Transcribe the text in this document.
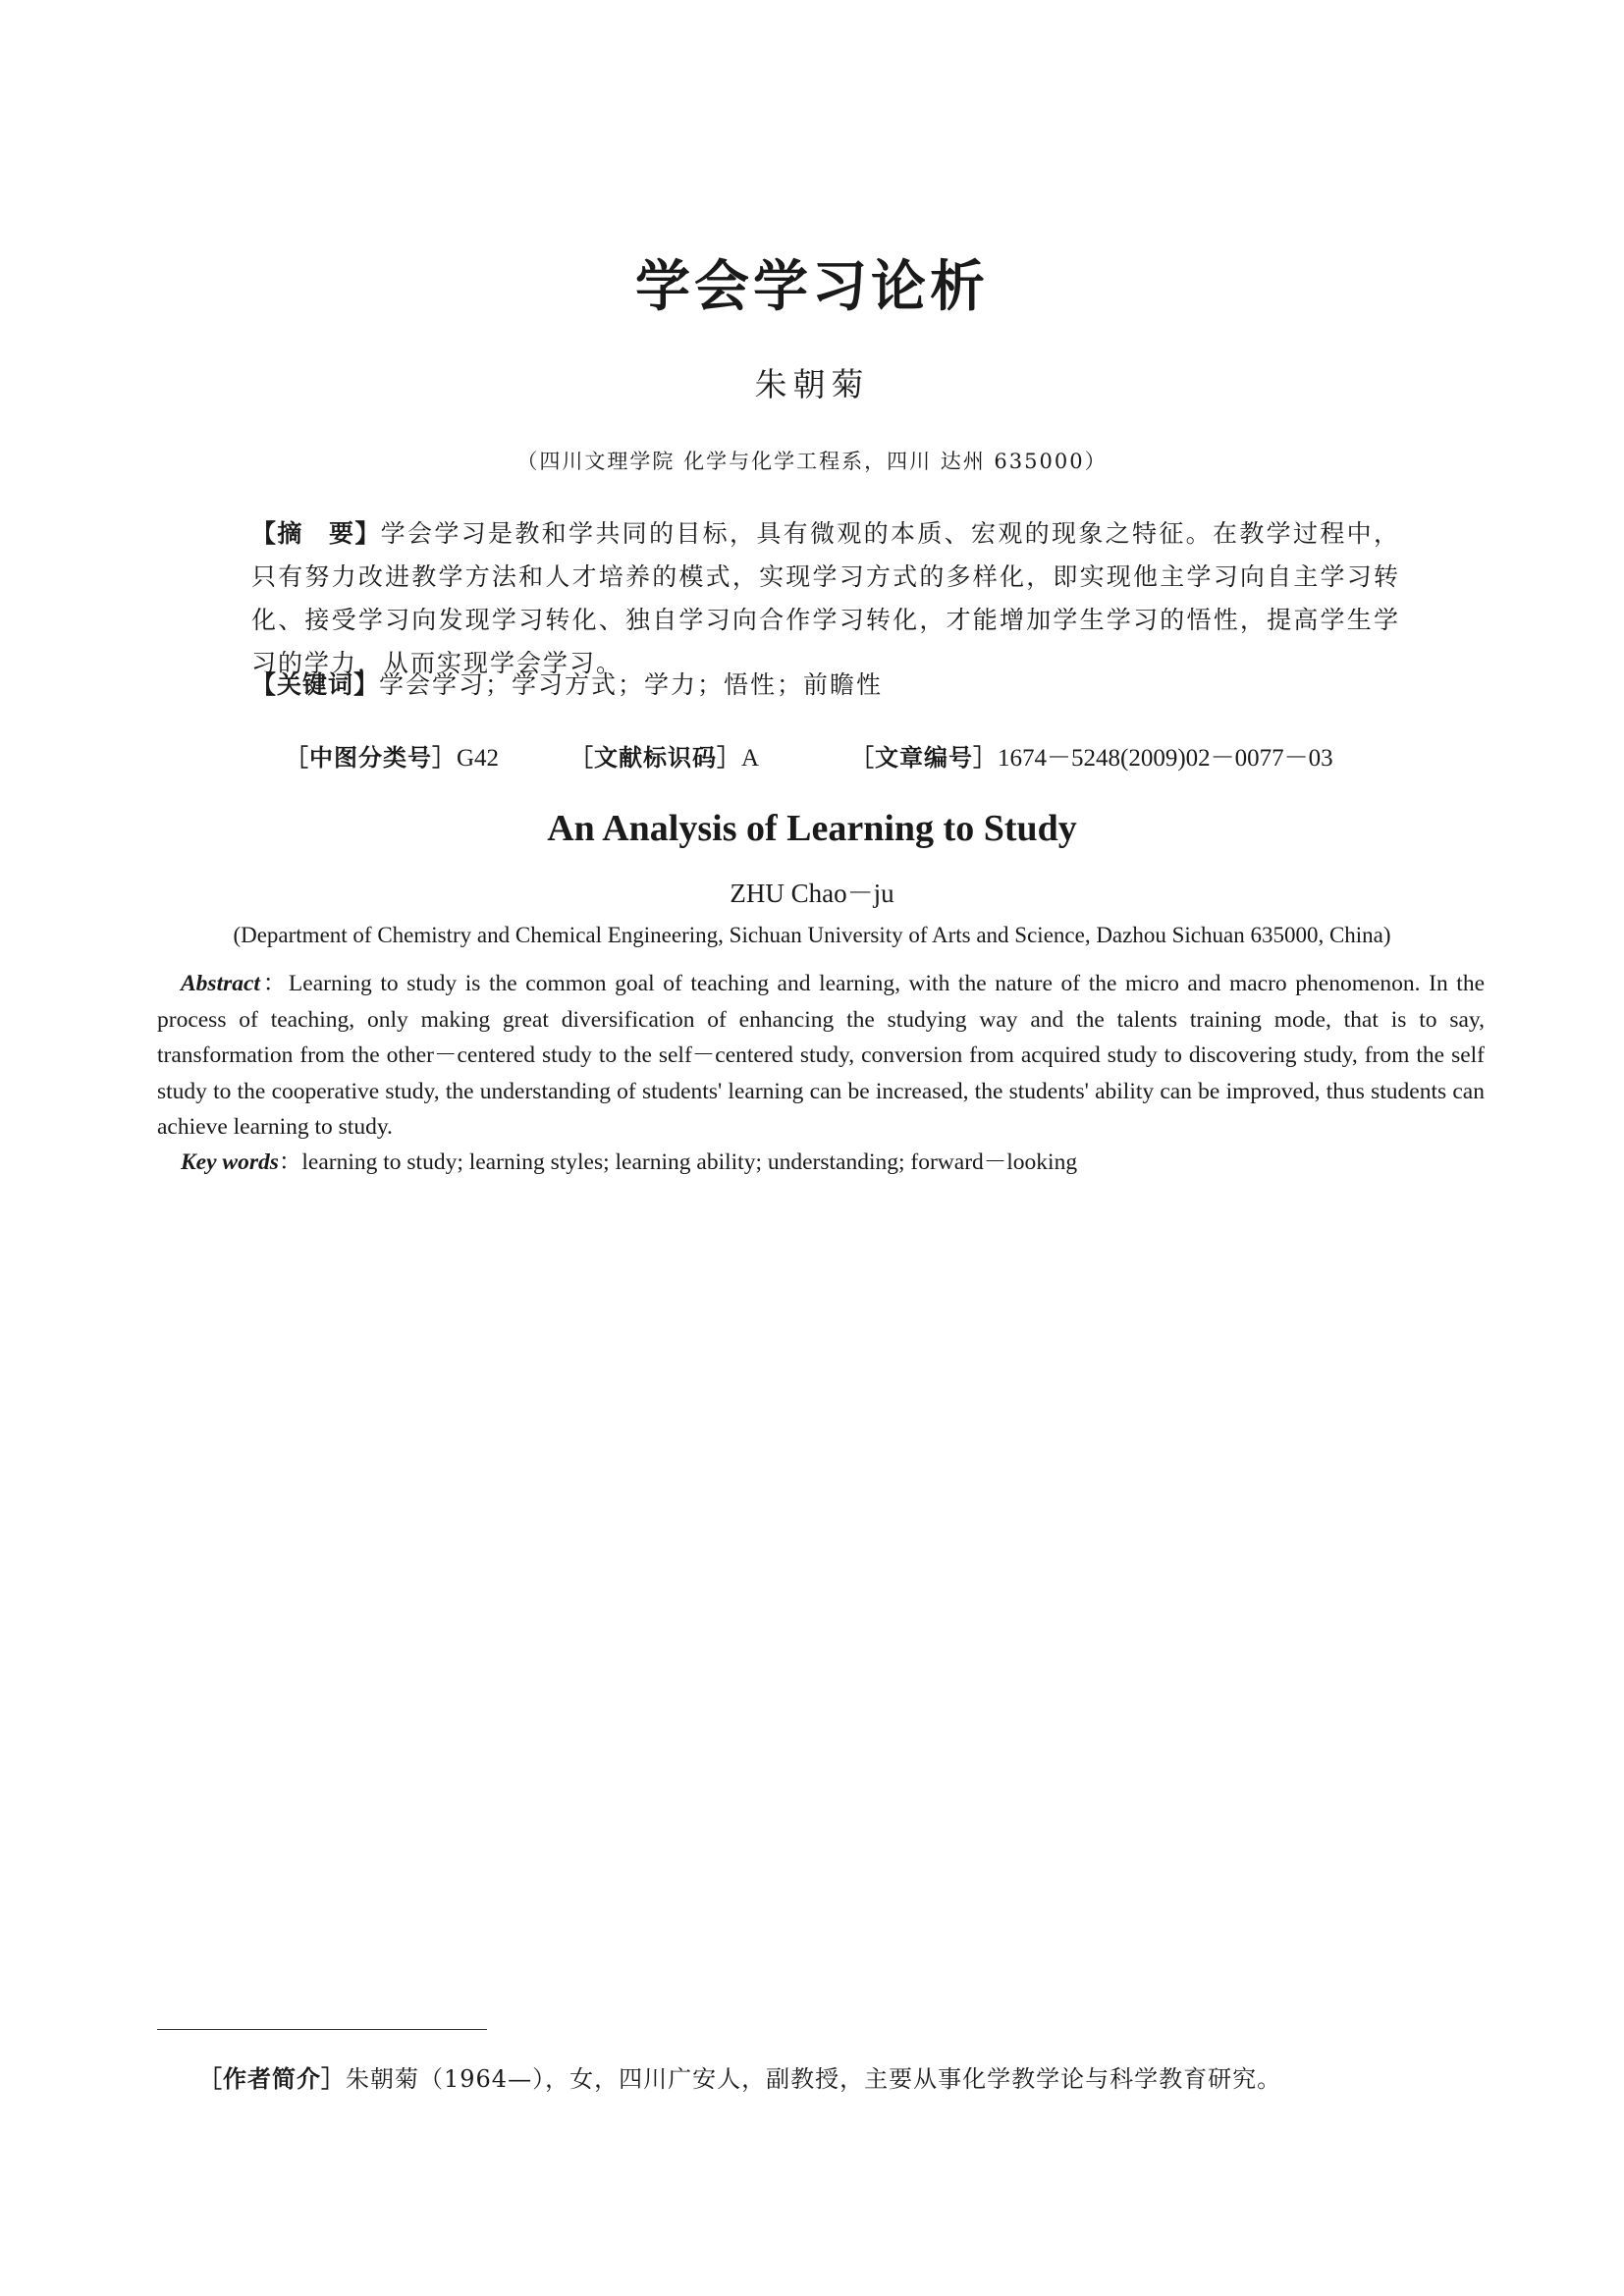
学会学习论析
朱朝菊
（四川文理学院 化学与化学工程系，四川 达州 635000）
【摘　要】学会学习是教和学共同的目标，具有微观的本质、宏观的现象之特征。在教学过程中，只有努力改进教学方法和人才培养的模式，实现学习方式的多样化，即实现他主学习向自主学习转化、接受学习向发现学习转化、独自学习向合作学习转化，才能增加学生学习的悟性，提高学生学习的学力，从而实现学会学习。
【关键词】学会学习；学习方式；学力；悟性；前瞻性
［中图分类号］G42	［文献标识码］A	［文章编号］1674－5248(2009)02－0077－03
An Analysis of Learning to Study
ZHU Chao－ju
(Department of Chemistry and Chemical Engineering, Sichuan University of Arts and Science, Dazhou Sichuan 635000, China)
Abstract：Learning to study is the common goal of teaching and learning, with the nature of the micro and macro phenomenon. In the process of teaching, only making great diversification of enhancing the studying way and the talents training mode, that is to say, transformation from the other－centered study to the self－centered study, conversion from acquired study to discovering study, from the self study to the cooperative study, the understanding of students' learning can be increased, the students' ability can be improved, thus students can achieve learning to study.
Key words：learning to study; learning styles; learning ability; understanding; forward－looking
［作者简介］朱朝菊（1964—），女，四川广安人，副教授，主要从事化学教学论与科学教育研究。
